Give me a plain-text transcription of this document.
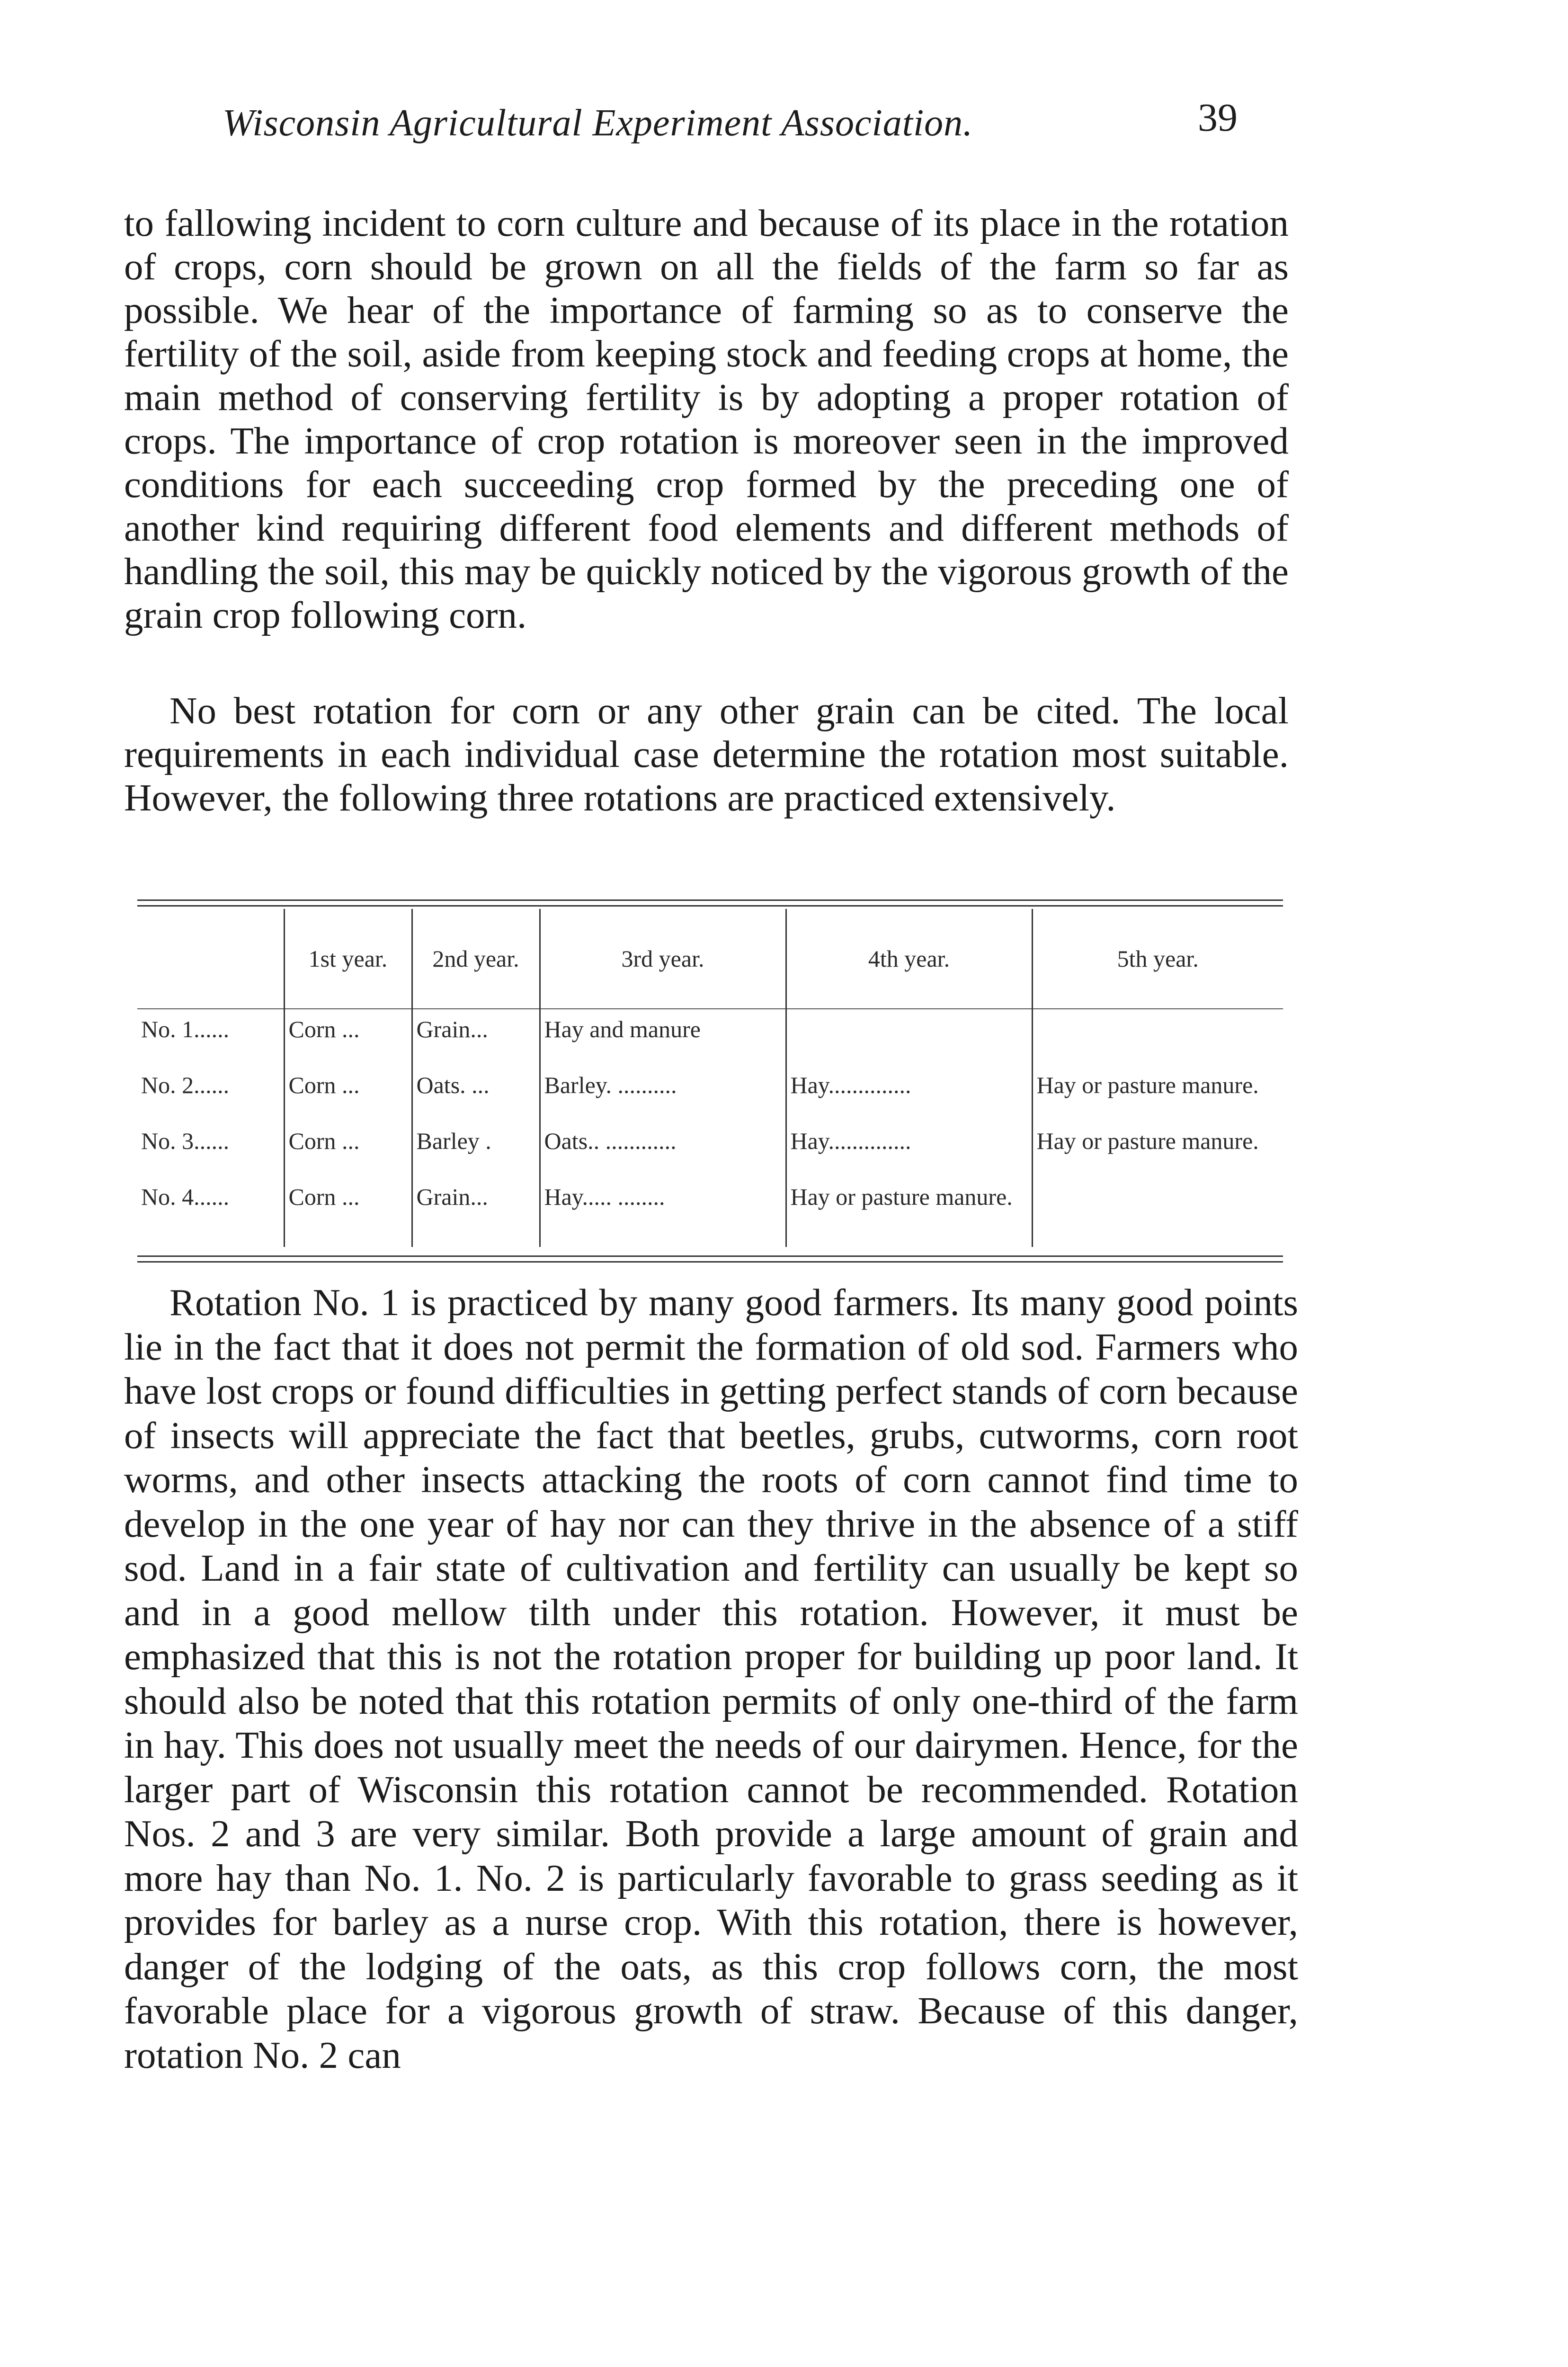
Wisconsin Agricultural Experiment Association.	39

to fallowing incident to corn culture and because of its place in the rotation of crops, corn should be grown on all the fields of the farm so far as possible. We hear of the importance of farming so as to conserve the fertility of the soil, aside from keeping stock and feeding crops at home, the main method of conserving fertility is by adopting a proper rotation of crops. The importance of crop rotation is moreover seen in the improved conditions for each succeeding crop formed by the preceding one of another kind requiring different food elements and different methods of handling the soil, this may be quickly noticed by the vigorous growth of the grain crop following corn.

No best rotation for corn or any other grain can be cited. The local requirements in each individual case determine the rotation most suitable. However, the following three rotations are practiced extensively.

	1st year.	2nd year.	3rd year.	4th year.	5th year.
No. 1......	Corn ...	Grain...	Hay and manure		
No. 2......	Corn ...	Oats. ...	Barley. ..........	Hay..............	Hay or pasture manure.
No. 3......	Corn ...	Barley .	Oats.. ............	Hay..............	Hay or pasture manure.
No. 4......	Corn ...	Grain...	Hay..... ........	Hay or pasture manure.	

Rotation No. 1 is practiced by many good farmers. Its many good points lie in the fact that it does not permit the formation of old sod. Farmers who have lost crops or found difficulties in getting perfect stands of corn because of insects will appreciate the fact that beetles, grubs, cutworms, corn root worms, and other insects attacking the roots of corn cannot find time to develop in the one year of hay nor can they thrive in the absence of a stiff sod. Land in a fair state of cultivation and fertility can usually be kept so and in a good mellow tilth under this rotation. However, it must be emphasized that this is not the rotation proper for building up poor land. It should also be noted that this rotation permits of only one-third of the farm in hay. This does not usually meet the needs of our dairymen. Hence, for the larger part of Wisconsin this rotation cannot be recommended. Rotation Nos. 2 and 3 are very similar. Both provide a large amount of grain and more hay than No. 1. No. 2 is particularly favorable to grass seeding as it provides for barley as a nurse crop. With this rotation, there is however, danger of the lodging of the oats, as this crop follows corn, the most favorable place for a vigorous growth of straw. Because of this danger, rotation No. 2 can
